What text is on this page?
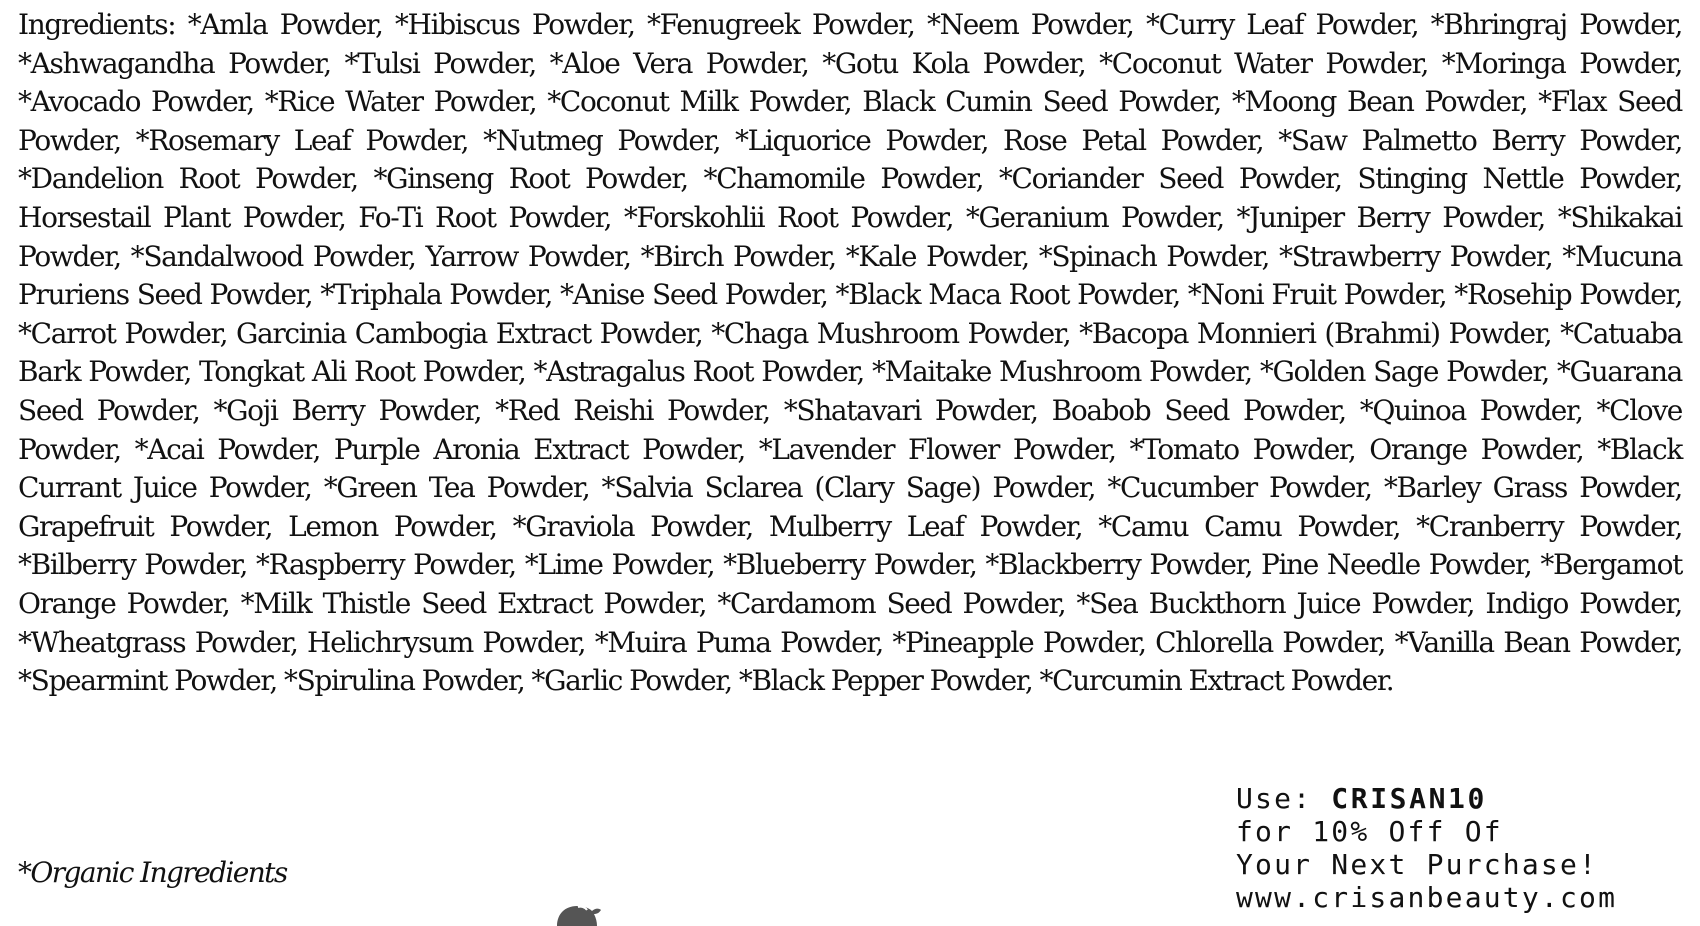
Ingredients: *Amla Powder, *Hibiscus Powder, *Fenugreek Powder, *Neem Powder, *Curry Leaf Powder, *Bhringraj Powder, *Ashwagandha Powder, *Tulsi Powder, *Aloe Vera Powder, *Gotu Kola Powder, *Coconut Water Powder, *Moringa Powder, *Avocado Powder, *Rice Water Powder, *Coconut Milk Powder, Black Cumin Seed Powder, *Moong Bean Powder, *Flax Seed Powder, *Rosemary Leaf Powder, *Nutmeg Powder, *Liquorice Powder, Rose Petal Powder, *Saw Palmetto Berry Powder, *Dandelion Root Powder, *Ginseng Root Powder, *Chamomile Powder, *Coriander Seed Powder, Stinging Nettle Powder, Horsestail Plant Powder, Fo-Ti Root Powder, *Forskohlii Root Powder, *Geranium Powder, *Juniper Berry Powder, *Shikakai Powder, *Sandalwood Powder, Yarrow Powder, *Birch Powder, *Kale Powder, *Spinach Powder, *Strawberry Powder, *Mucuna Pruriens Seed Powder, *Triphala Powder, *Anise Seed Powder, *Black Maca Root Powder, *Noni Fruit Powder, *Rosehip Powder, *Carrot Powder, Garcinia Cambogia Extract Powder, *Chaga Mushroom Powder, *Bacopa Monnieri (Brahmi) Powder, *Catuaba Bark Powder, Tongkat Ali Root Powder, *Astragalus Root Powder, *Maitake Mushroom Powder, *Golden Sage Powder, *Guarana Seed Powder, *Goji Berry Powder, *Red Reishi Powder, *Shatavari Powder, Boabob Seed Powder, *Quinoa Powder, *Clove Powder, *Acai Powder, Purple Aronia Extract Powder, *Lavender Flower Powder, *Tomato Powder, Orange Powder, *Black Currant Juice Powder, *Green Tea Powder, *Salvia Sclarea (Clary Sage) Powder, *Cucumber Powder, *Barley Grass Powder, Grapefruit Powder, Lemon Powder, *Graviola Powder, Mulberry Leaf Powder, *Camu Camu Powder, *Cranberry Powder, *Bilberry Powder, *Raspberry Powder, *Lime Powder, *Blueberry Powder, *Blackberry Powder, Pine Needle Powder, *Bergamot Orange Powder, *Milk Thistle Seed Extract Powder, *Cardamom Seed Powder, *Sea Buckthorn Juice Powder, Indigo Powder, *Wheatgrass Powder, Helichrysum Powder, *Muira Puma Powder, *Pineapple Powder, Chlorella Powder, *Vanilla Bean Powder, *Spearmint Powder, *Spirulina Powder, *Garlic Powder, *Black Pepper Powder, *Curcumin Extract Powder.

*Organic Ingredients
Use: CRISAN10
for 10% Off Of
Your Next Purchase!
www.crisanbeauty.com
